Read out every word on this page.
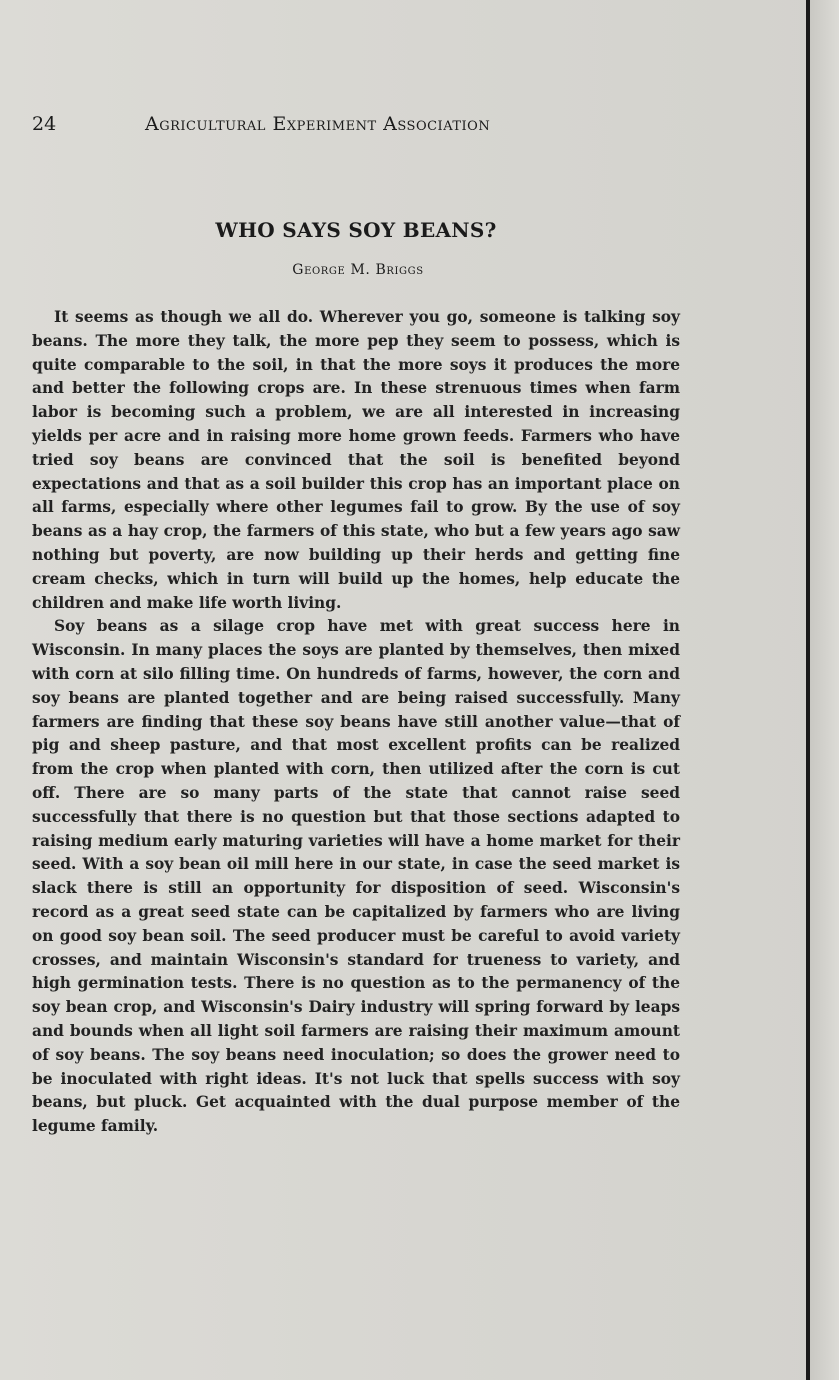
24	Agricultural Experiment Association
WHO SAYS SOY BEANS?
George M. Briggs

It seems as though we all do. Wherever you go, someone is talking soy beans. The more they talk, the more pep they seem to possess, which is quite comparable to the soil, in that the more soys it produces the more and better the following crops are. In these strenuous times when farm labor is becoming such a problem, we are all interested in increasing yields per acre and in raising more home grown feeds. Farmers who have tried soy beans are convinced that the soil is benefited beyond expectations and that as a soil builder this crop has an important place on all farms, especially where other legumes fail to grow. By the use of soy beans as a hay crop, the farmers of this state, who but a few years ago saw nothing but poverty, are now building up their herds and getting fine cream checks, which in turn will build up the homes, help educate the children and make life worth living.

Soy beans as a silage crop have met with great success here in Wisconsin. In many places the soys are planted by themselves, then mixed with corn at silo filling time. On hundreds of farms, however, the corn and soy beans are planted together and are being raised successfully. Many farmers are finding that these soy beans have still another value—that of pig and sheep pasture, and that most excellent profits can be realized from the crop when planted with corn, then utilized after the corn is cut off. There are so many parts of the state that cannot raise seed successfully that there is no question but that those sections adapted to raising medium early maturing varieties will have a home market for their seed. With a soy bean oil mill here in our state, in case the seed market is slack there is still an opportunity for disposition of seed. Wisconsin's record as a great seed state can be capitalized by farmers who are living on good soy bean soil. The seed producer must be careful to avoid variety crosses, and maintain Wisconsin's standard for trueness to variety, and high germination tests. There is no question as to the permanency of the soy bean crop, and Wisconsin's Dairy industry will spring forward by leaps and bounds when all light soil farmers are raising their maximum amount of soy beans. The soy beans need inoculation; so does the grower need to be inoculated with right ideas. It's not luck that spells success with soy beans, but pluck. Get acquainted with the dual purpose member of the legume family.
